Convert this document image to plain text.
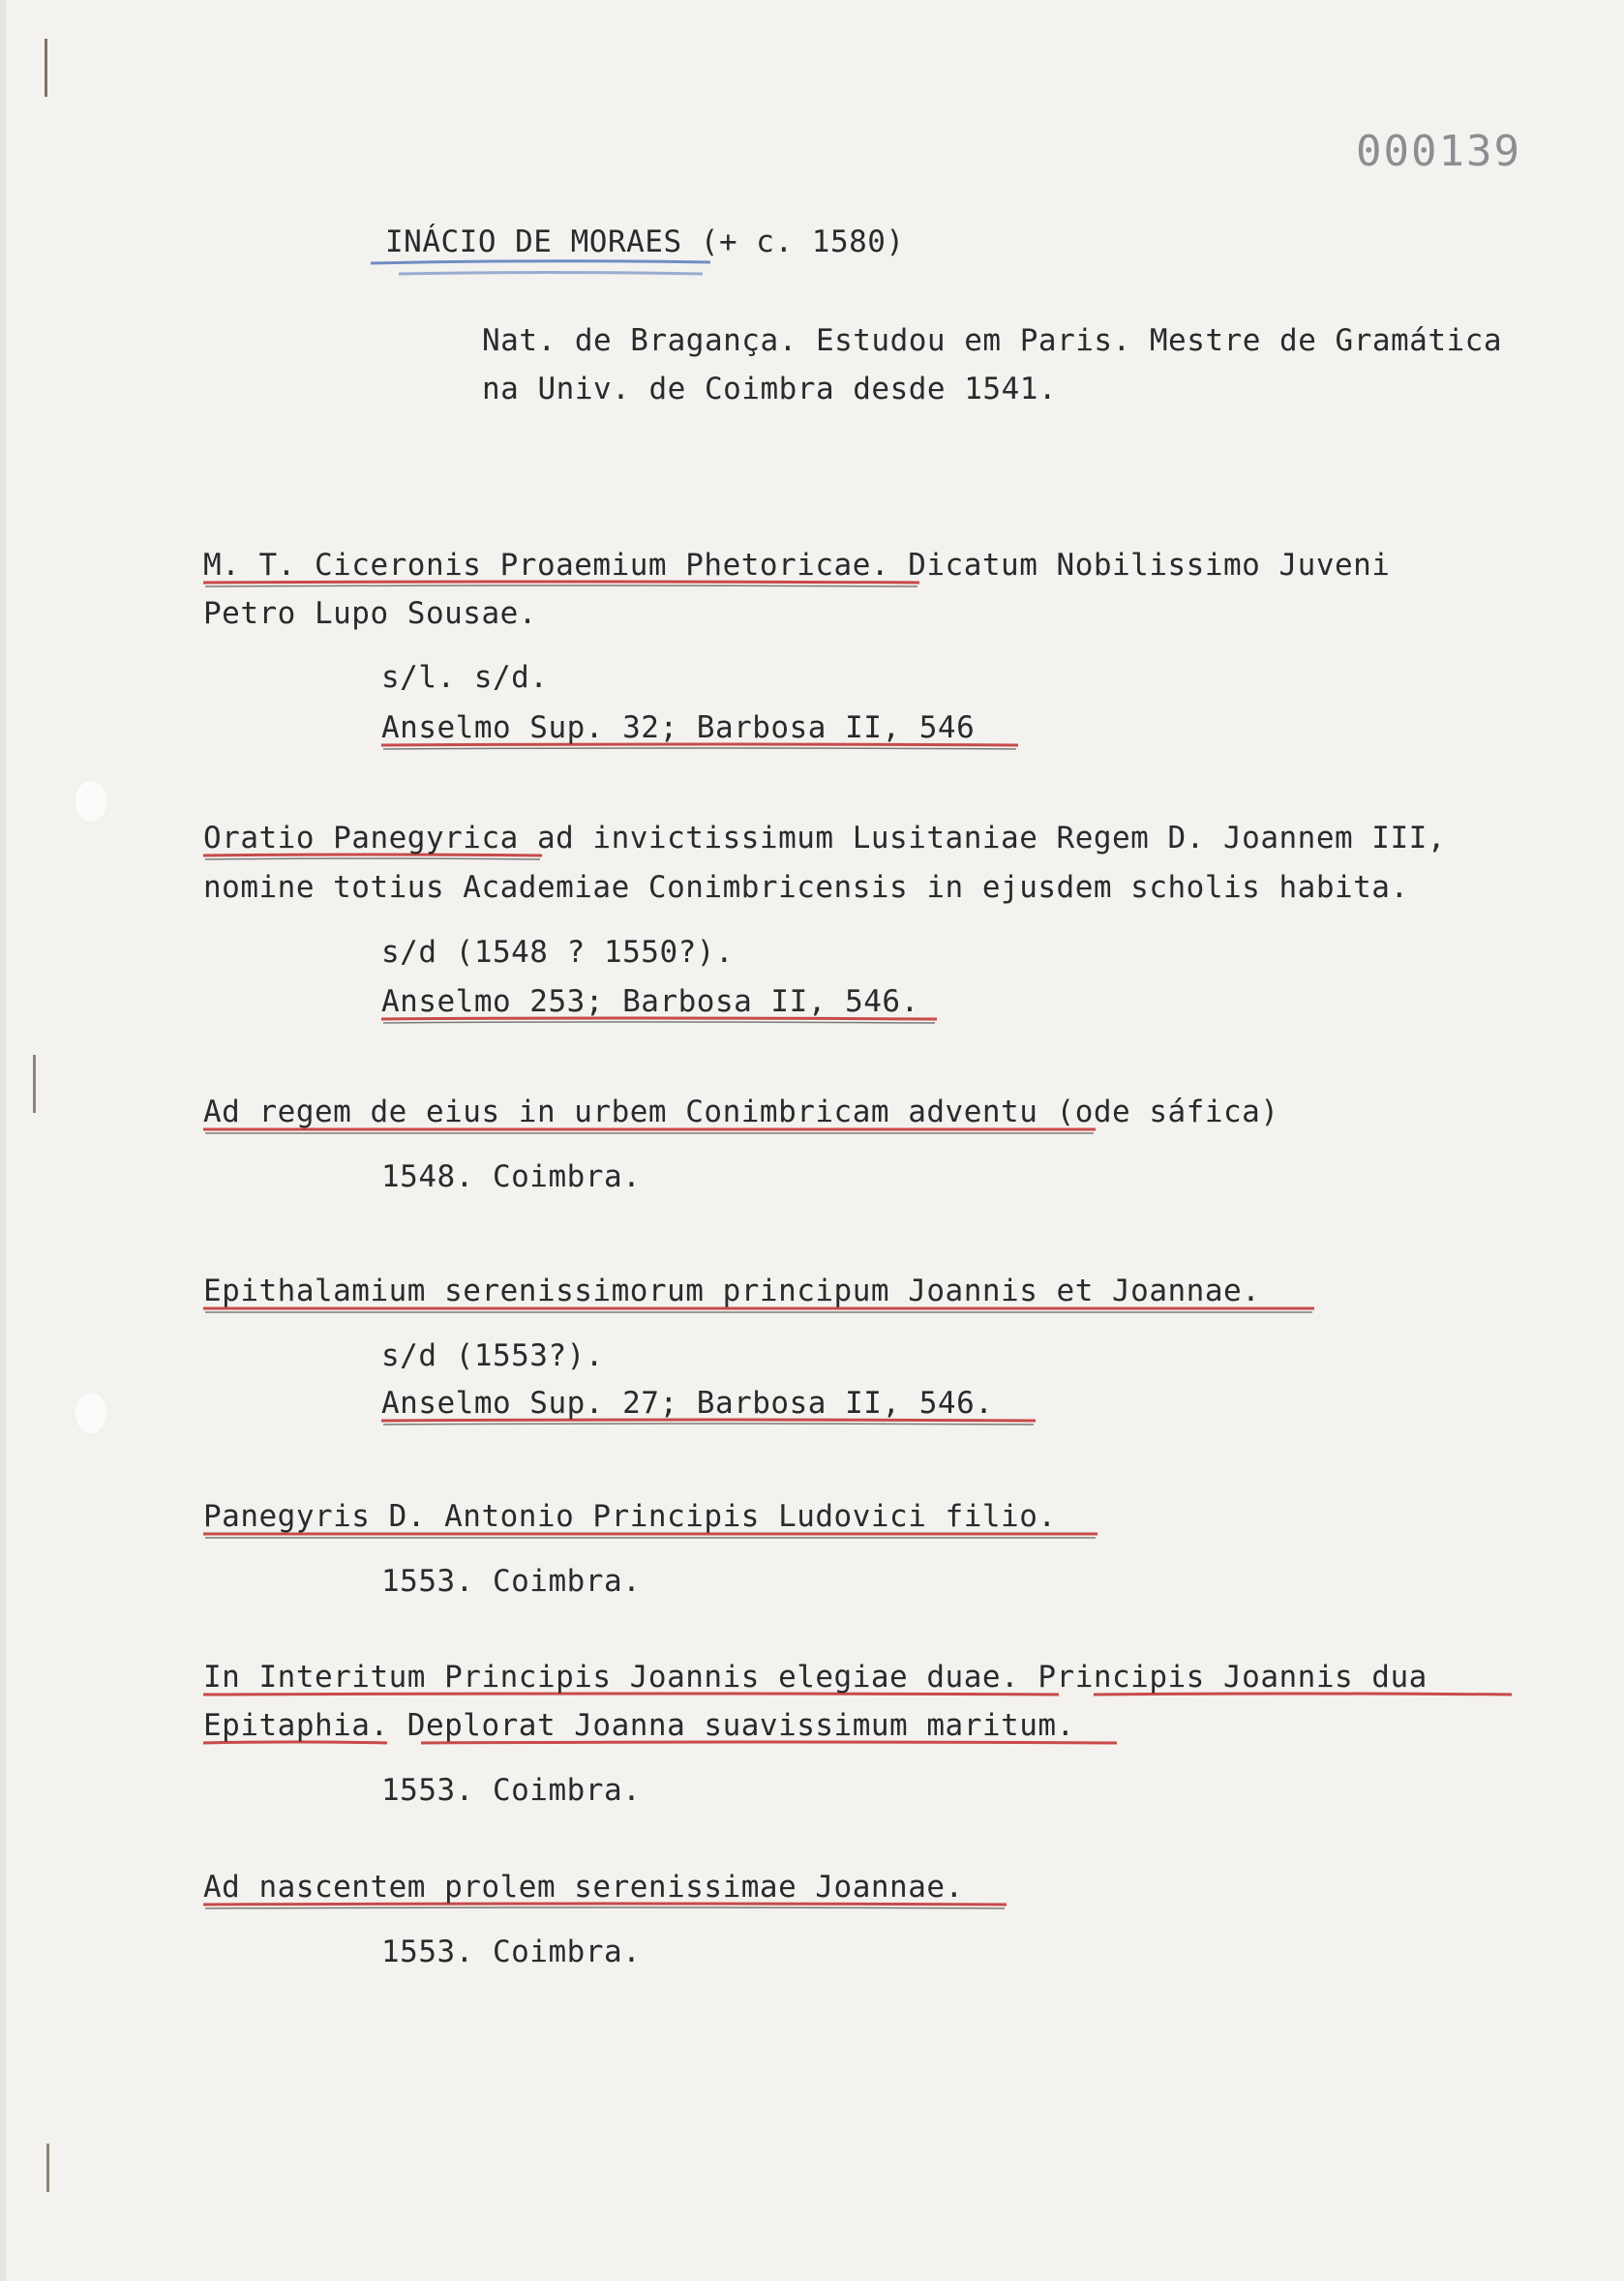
000139

INÁCIO DE MORAES (+ c. 1580)

Nat. de Bragança. Estudou em Paris. Mestre de Gramática

na Univ. de Coimbra desde 1541.

M. T. Ciceronis Proaemium Phetoricae. Dicatum Nobilissimo Juveni

Petro Lupo Sousae.

s/l. s/d.

Anselmo Sup. 32; Barbosa II, 546

Oratio Panegyrica ad invictissimum Lusitaniae Regem D. Joannem III,

nomine totius Academiae Conimbricensis in ejusdem scholis habita.

s/d (1548 ? 1550?).

Anselmo 253; Barbosa II, 546.

Ad regem de eius in urbem Conimbricam adventu (ode sáfica)

1548. Coimbra.

Epithalamium serenissimorum principum Joannis et Joannae.

s/d (1553?).

Anselmo Sup. 27; Barbosa II, 546.

Panegyris D. Antonio Principis Ludovici filio.

1553. Coimbra.

In Interitum Principis Joannis elegiae duae. Principis Joannis dua

Epitaphia. Deplorat Joanna suavissimum maritum.

1553. Coimbra.

Ad nascentem prolem serenissimae Joannae.

1553. Coimbra.
